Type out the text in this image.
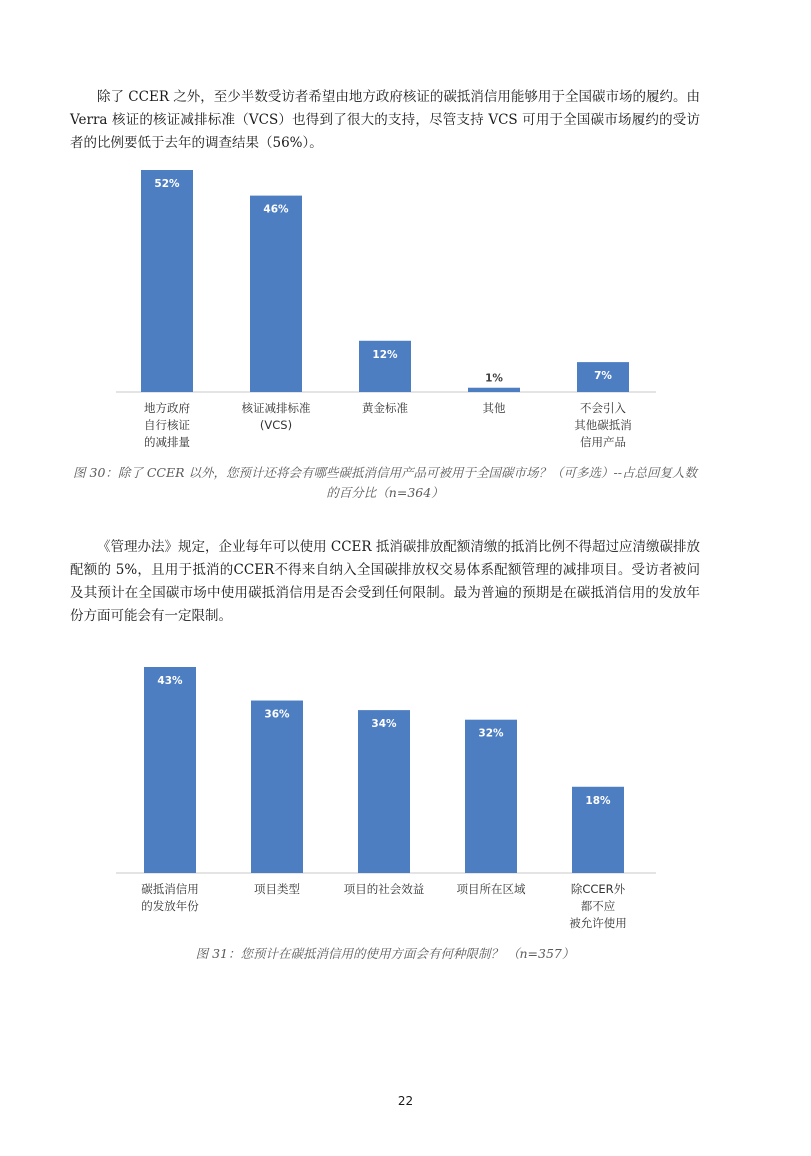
除了 CCER 之外，至少半数受访者希望由地方政府核证的碳抵消信用能够用于全国碳市场的履约。由 Verra 核证的核证减排标准（VCS）也得到了很大的支持，尽管支持 VCS 可用于全国碳市场履约的受访者的比例要低于去年的调查结果（56%）。

52%
地方政府自行核证的减排量
46%
核证减排标准(VCS)
12%
黄金标准
1%
其他
7%
不会引入其他碳抵消信用产品
图 30：除了 CCER 以外，您预计还将会有哪些碳抵消信用产品可被用于全国碳市场？（可多选）--占总回复人数的百分比（n=364）

《管理办法》规定，企业每年可以使用 CCER 抵消碳排放配额清缴的抵消比例不得超过应清缴碳排放配额的 5%，且用于抵消的CCER不得来自纳入全国碳排放权交易体系配额管理的减排项目。受访者被问及其预计在全国碳市场中使用碳抵消信用是否会受到任何限制。最为普遍的预期是在碳抵消信用的发放年份方面可能会有一定限制。

43%
碳抵消信用的发放年份
36%
项目类型
34%
项目的社会效益
32%
项目所在区域
18%
除CCER外都不应被允许使用
图 31：您预计在碳抵消信用的使用方面会有何种限制？ （n=357）
22
